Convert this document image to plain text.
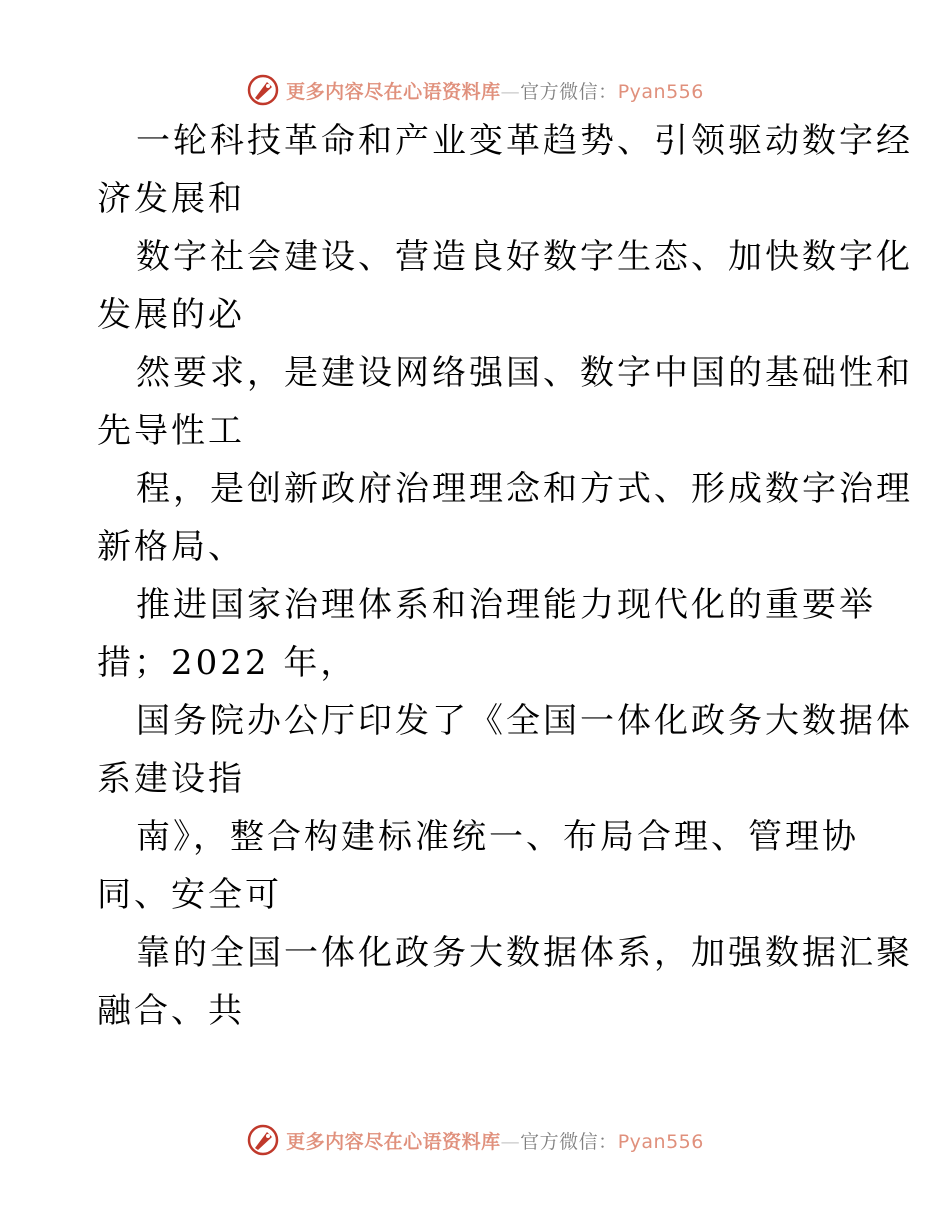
更多内容尽在心语资料库—官方微信：Pyan556

一轮科技革命和产业变革趋势、引领驱动数字经
济发展和

数字社会建设、营造良好数字生态、加快数字化
发展的必

然要求，是建设网络强国、数字中国的基础性和
先导性工

程，是创新政府治理理念和方式、形成数字治理
新格局、

推进国家治理体系和治理能力现代化的重要举
措；2022 年，

国务院办公厅印发了《全国一体化政务大数据体
系建设指

南》，整合构建标准统一、布局合理、管理协
同、安全可

靠的全国一体化政务大数据体系，加强数据汇聚
融合、共

更多内容尽在心语资料库—官方微信：Pyan556
